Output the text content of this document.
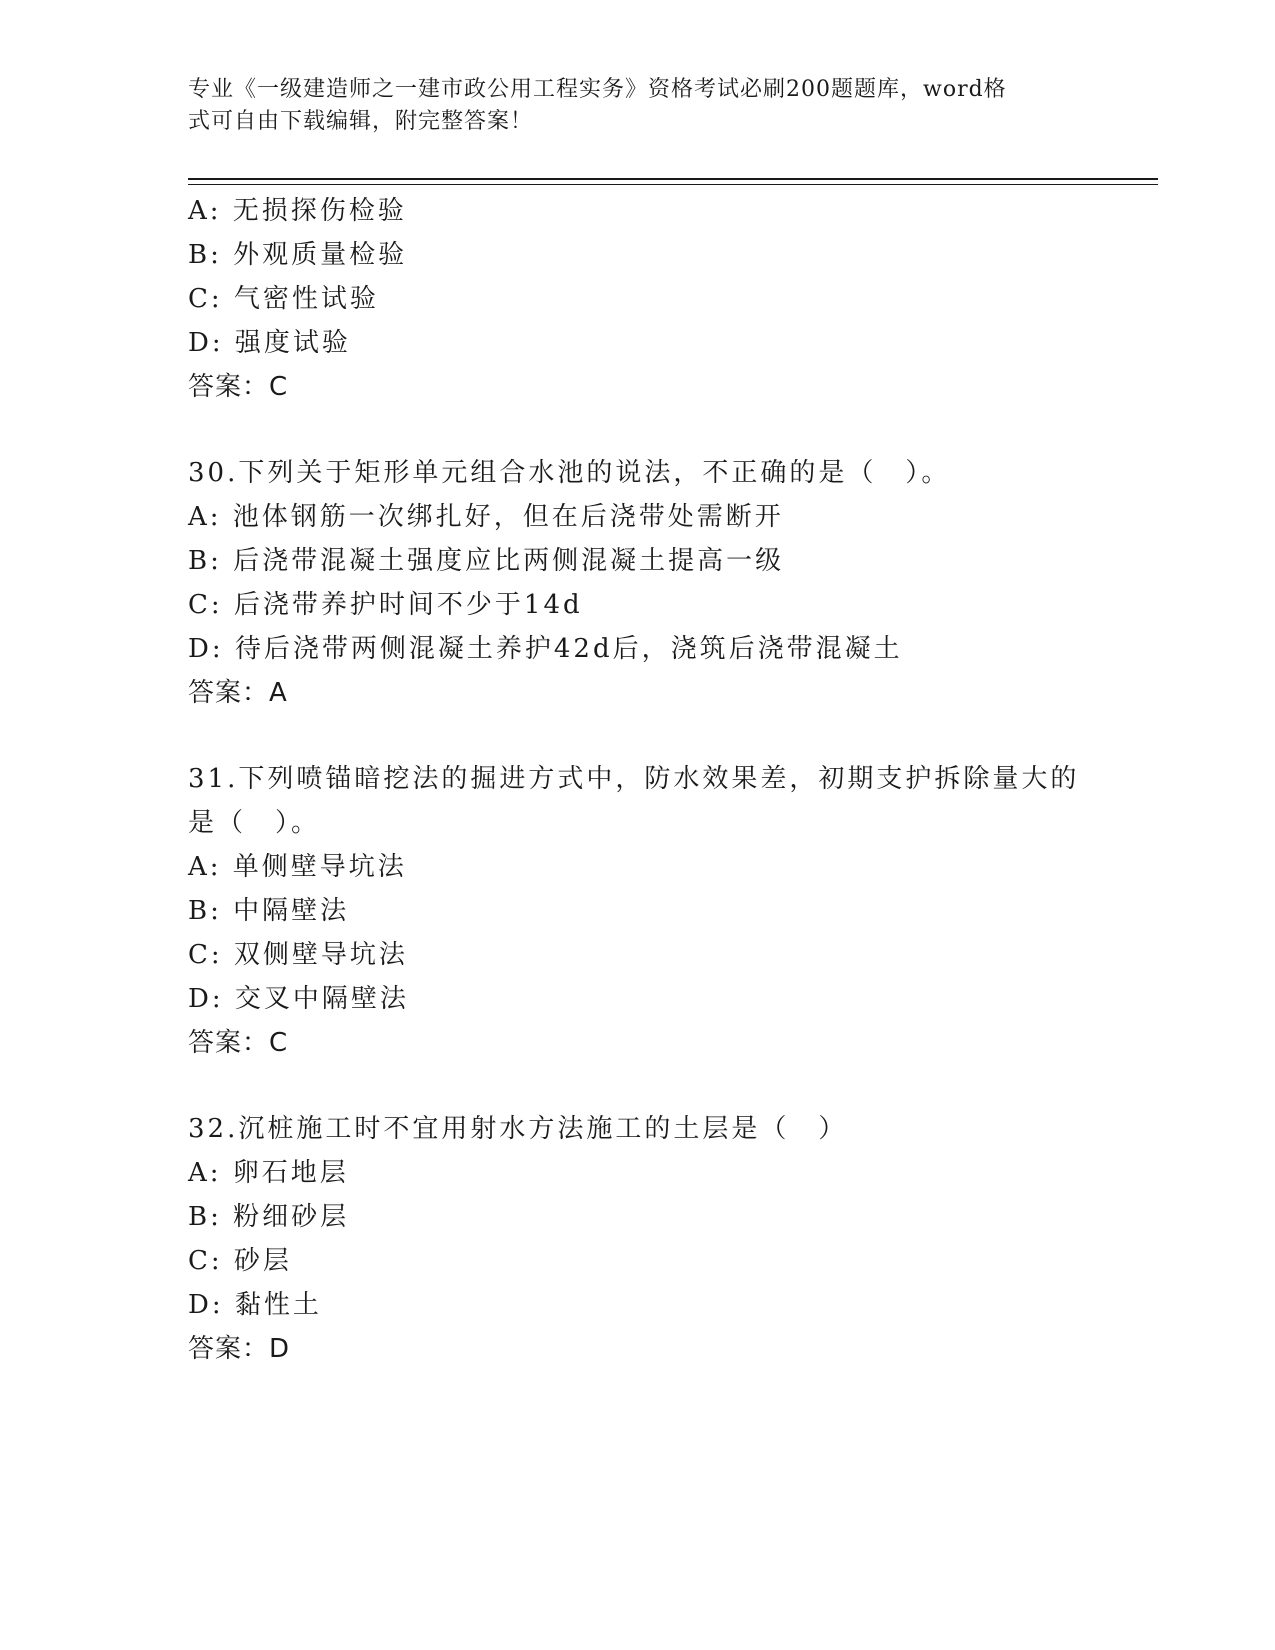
专业《一级建造师之一建市政公用工程实务》资格考试必刷200题题库，word格
式可自由下载编辑，附完整答案！
A: 无损探伤检验
B: 外观质量检验
C: 气密性试验
D: 强度试验
答案：C
30.下列关于矩形单元组合水池的说法，不正确的是（　）。
A: 池体钢筋一次绑扎好，但在后浇带处需断开
B: 后浇带混凝土强度应比两侧混凝土提高一级
C: 后浇带养护时间不少于14d
D: 待后浇带两侧混凝土养护42d后，浇筑后浇带混凝土
答案：A
31.下列喷锚暗挖法的掘进方式中，防水效果差，初期支护拆除量大的
是（　）。
A: 单侧壁导坑法
B: 中隔壁法
C: 双侧壁导坑法
D: 交叉中隔壁法
答案：C
32.沉桩施工时不宜用射水方法施工的土层是（　）
A: 卵石地层
B: 粉细砂层
C: 砂层
D: 黏性土
答案：D
